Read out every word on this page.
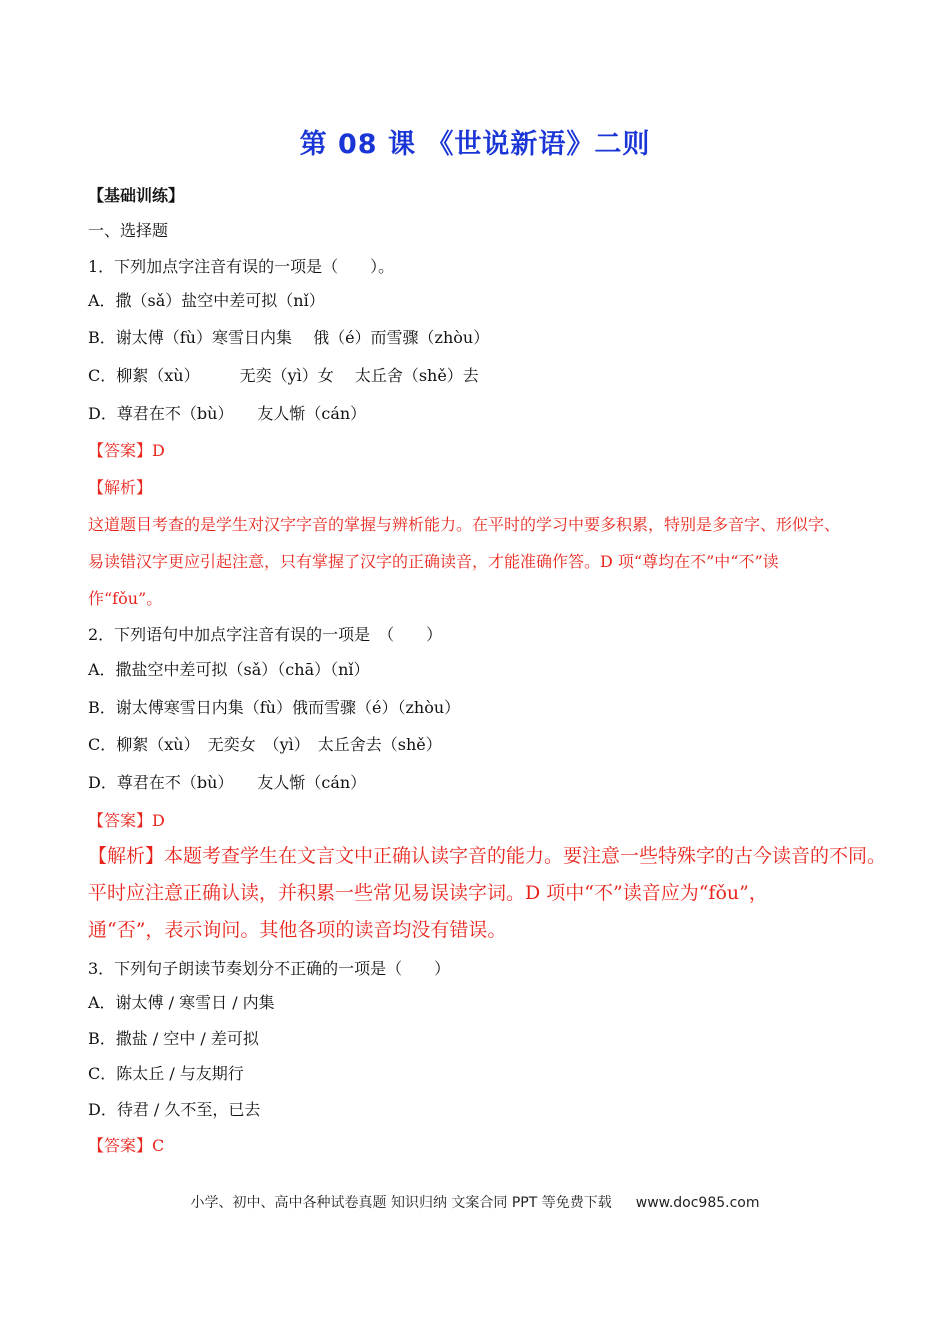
第 08 课 《世说新语》二则
【基础训练】
一、选择题
1．下列加点字注音有误的一项是（　　）。
A．撒（sǎ）盐空中差可拟（nǐ）
B．谢太傅（fù）寒雪日内集　 俄（é）而雪骤（zhòu）
C．柳絮（xù）　　　无奕（yì）女　 太丘舍（shě）去
D．尊君在不（bù）　　友人惭（cán）
【答案】D
【解析】
这道题目考查的是学生对汉字字音的掌握与辨析能力。在平时的学习中要多积累，特别是多音字、形似字、
易读错汉字更应引起注意，只有掌握了汉字的正确读音，才能准确作答。D 项“尊均在不”中“不”读
作“fǒu”。
2．下列语句中加点字注音有误的一项是　（　　）
A．撒盐空中差可拟（sǎ）（chā）（nǐ）
B．谢太傅寒雪日内集（fù）俄而雪骤（é）（zhòu）
C．柳絮（xù）　无奕女　（yì）　太丘舍去（shě）
D．尊君在不（bù）　　友人惭（cán）
【答案】D
【解析】本题考查学生在文言文中正确认读字音的能力。要注意一些特殊字的古今读音的不同。
平时应注意正确认读，并积累一些常见易误读字词。D 项中“不”读音应为“fǒu”，
通“否”，表示询问。其他各项的读音均没有错误。
3．下列句子朗读节奏划分不正确的一项是（　　）
A．谢太傅 / 寒雪日 / 内集
B．撒盐 / 空中 / 差可拟
C．陈太丘 / 与友期行
D．待君 / 久不至，已去
【答案】C
小学、初中、高中各种试卷真题 知识归纳 文案合同 PPT 等免费下载 www.doc985.com
